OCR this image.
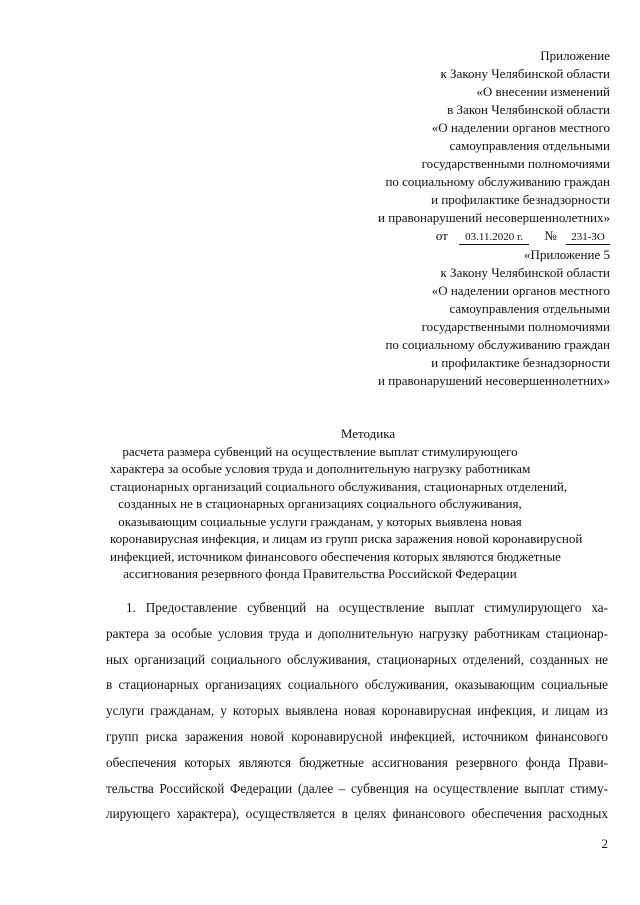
Приложение
к Закону Челябинской области
«О внесении изменений
в Закон Челябинской области
«О наделении органов местного
самоуправления отдельными
государственными полномочиями
по социальному обслуживанию граждан
и профилактике безнадзорности
и правонарушений несовершеннолетних»
от 03.11.2020 г. № 231-ЗО
«Приложение 5
к Закону Челябинской области
«О наделении органов местного
самоуправления отдельными
государственными полномочиями
по социальному обслуживанию граждан
и профилактике безнадзорности
и правонарушений несовершеннолетних»
Методика
расчета размера субвенций на осуществление выплат стимулирующего
характера за особые условия труда и дополнительную нагрузку работникам
стационарных организаций социального обслуживания, стационарных отделений,
созданных не в стационарных организациях социального обслуживания,
оказывающим социальные услуги гражданам, у которых выявлена новая
коронавирусная инфекция, и лицам из групп риска заражения новой коронавирусной
инфекцией, источником финансового обеспечения которых являются бюджетные
ассигнования резервного фонда Правительства Российской Федерации
1. Предоставление субвенций на осуществление выплат стимулирующего ха-
рактера за особые условия труда и дополнительную нагрузку работникам стационар-
ных организаций социального обслуживания, стационарных отделений, созданных не
в стационарных организациях социального обслуживания, оказывающим социальные
услуги гражданам, у которых выявлена новая коронавирусная инфекция, и лицам из
групп риска заражения новой коронавирусной инфекцией, источником финансового
обеспечения которых являются бюджетные ассигнования резервного фонда Прави-
тельства Российской Федерации (далее – субвенция на осуществление выплат стиму-
лирующего характера), осуществляется в целях финансового обеспечения расходных
2
